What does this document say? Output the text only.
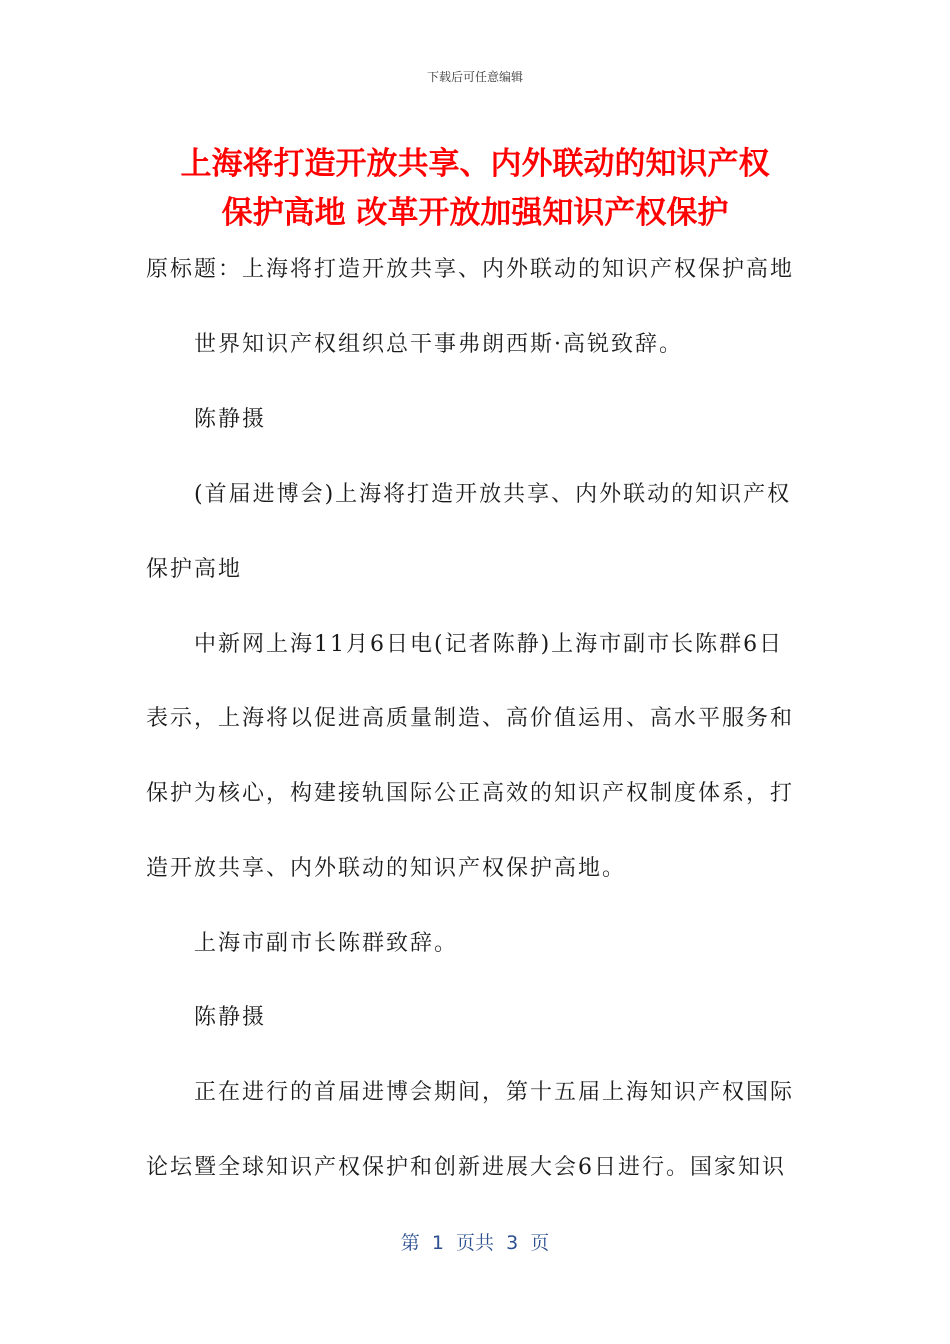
下载后可任意编辑
上海将打造开放共享、内外联动的知识产权
保护高地 改革开放加强知识产权保护
原标题：上海将打造开放共享、内外联动的知识产权保护高地
世界知识产权组织总干事弗朗西斯·高锐致辞。
陈静摄
(首届进博会)上海将打造开放共享、内外联动的知识产权
保护高地
中新网上海11月6日电(记者陈静)上海市副市长陈群6日
表示，上海将以促进高质量制造、高价值运用、高水平服务和
保护为核心，构建接轨国际公正高效的知识产权制度体系，打
造开放共享、内外联动的知识产权保护高地。
上海市副市长陈群致辞。
陈静摄
正在进行的首届进博会期间，第十五届上海知识产权国际
论坛暨全球知识产权保护和创新进展大会6日进行。国家知识
第  1  页共  3  页
